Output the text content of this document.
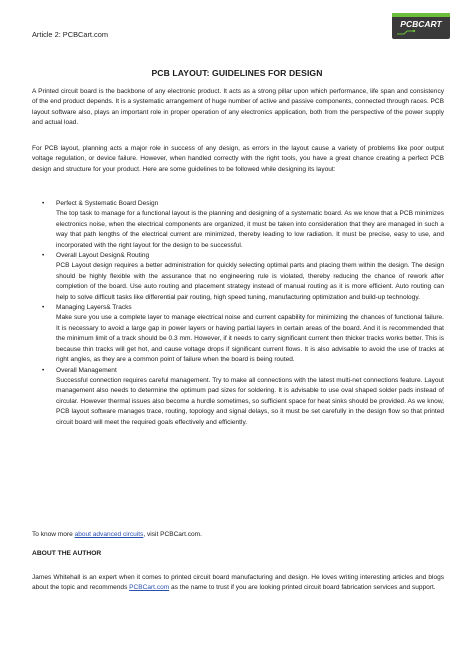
Article 2: PCBCart.com
PCBCART
PCB LAYOUT: GUIDELINES FOR DESIGN

A Printed circuit board is the backbone of any electronic product. It acts as a strong pillar upon which performance, life span and consistency of the end product depends. It is a systematic arrangement of huge number of active and passive components, connected through races. PCB layout software also, plays an important role in proper operation of any electronics application, both from the perspective of the power supply and actual load.

For PCB layout, planning acts a major role in success of any design, as errors in the layout cause a variety of problems like poor output voltage regulation, or device failure. However, when handled correctly with the right tools, you have a great chance creating a perfect PCB design and structure for your product. Here are some guidelines to be followed while designing its layout:

• Perfect & Systematic Board Design
The top task to manage for a functional layout is the planning and designing of a systematic board. As we know that a PCB minimizes electronics noise, when the electrical components are organized, it must be taken into consideration that they are managed in such a way that path lengths of the electrical current are minimized, thereby leading to low radiation. It must be precise, easy to use, and incorporated with the right layout for the design to be successful.
• Overall Layout Design& Routing
PCB Layout design requires a better administration for quickly selecting optimal parts and placing them within the design. The design should be highly flexible with the assurance that no engineering rule is violated, thereby reducing the chance of rework after completion of the board. Use auto routing and placement strategy instead of manual routing as it is more efficient. Auto routing can help to solve difficult tasks like differential pair routing, high speed tuning, manufacturing optimization and build-up technology.
• Managing Layers& Tracks
Make sure you use a complete layer to manage electrical noise and current capability for minimizing the chances of functional failure. It is necessary to avoid a large gap in power layers or having partial layers in certain areas of the board. And it is recommended that the minimum limit of a track should be 0.3 mm. However, if it needs to carry significant current then thicker tracks works better. This is because thin tracks will get hot, and cause voltage drops if significant current flows. It is also advisable to avoid the use of tracks at right angles, as they are a common point of failure when the board is being routed.
• Overall Management
Successful connection requires careful management. Try to make all connections with the latest multi-net connections feature. Layout management also needs to determine the optimum pad sizes for soldering. It is advisable to use oval shaped solder pads instead of circular. However thermal issues also become a hurdle sometimes, so sufficient space for heat sinks should be provided. As we know, PCB layout software manages trace, routing, topology and signal delays, so it must be set carefully in the design flow so that printed circuit board will meet the required goals effectively and efficiently.
To know more about advanced circuits, visit PCBCart.com.
ABOUT THE AUTHOR

James Whitehall is an expert when it comes to printed circuit board manufacturing and design. He loves writing interesting articles and blogs about the topic and recommends PCBCart.com as the name to trust if you are looking printed circuit board fabrication services and support.
